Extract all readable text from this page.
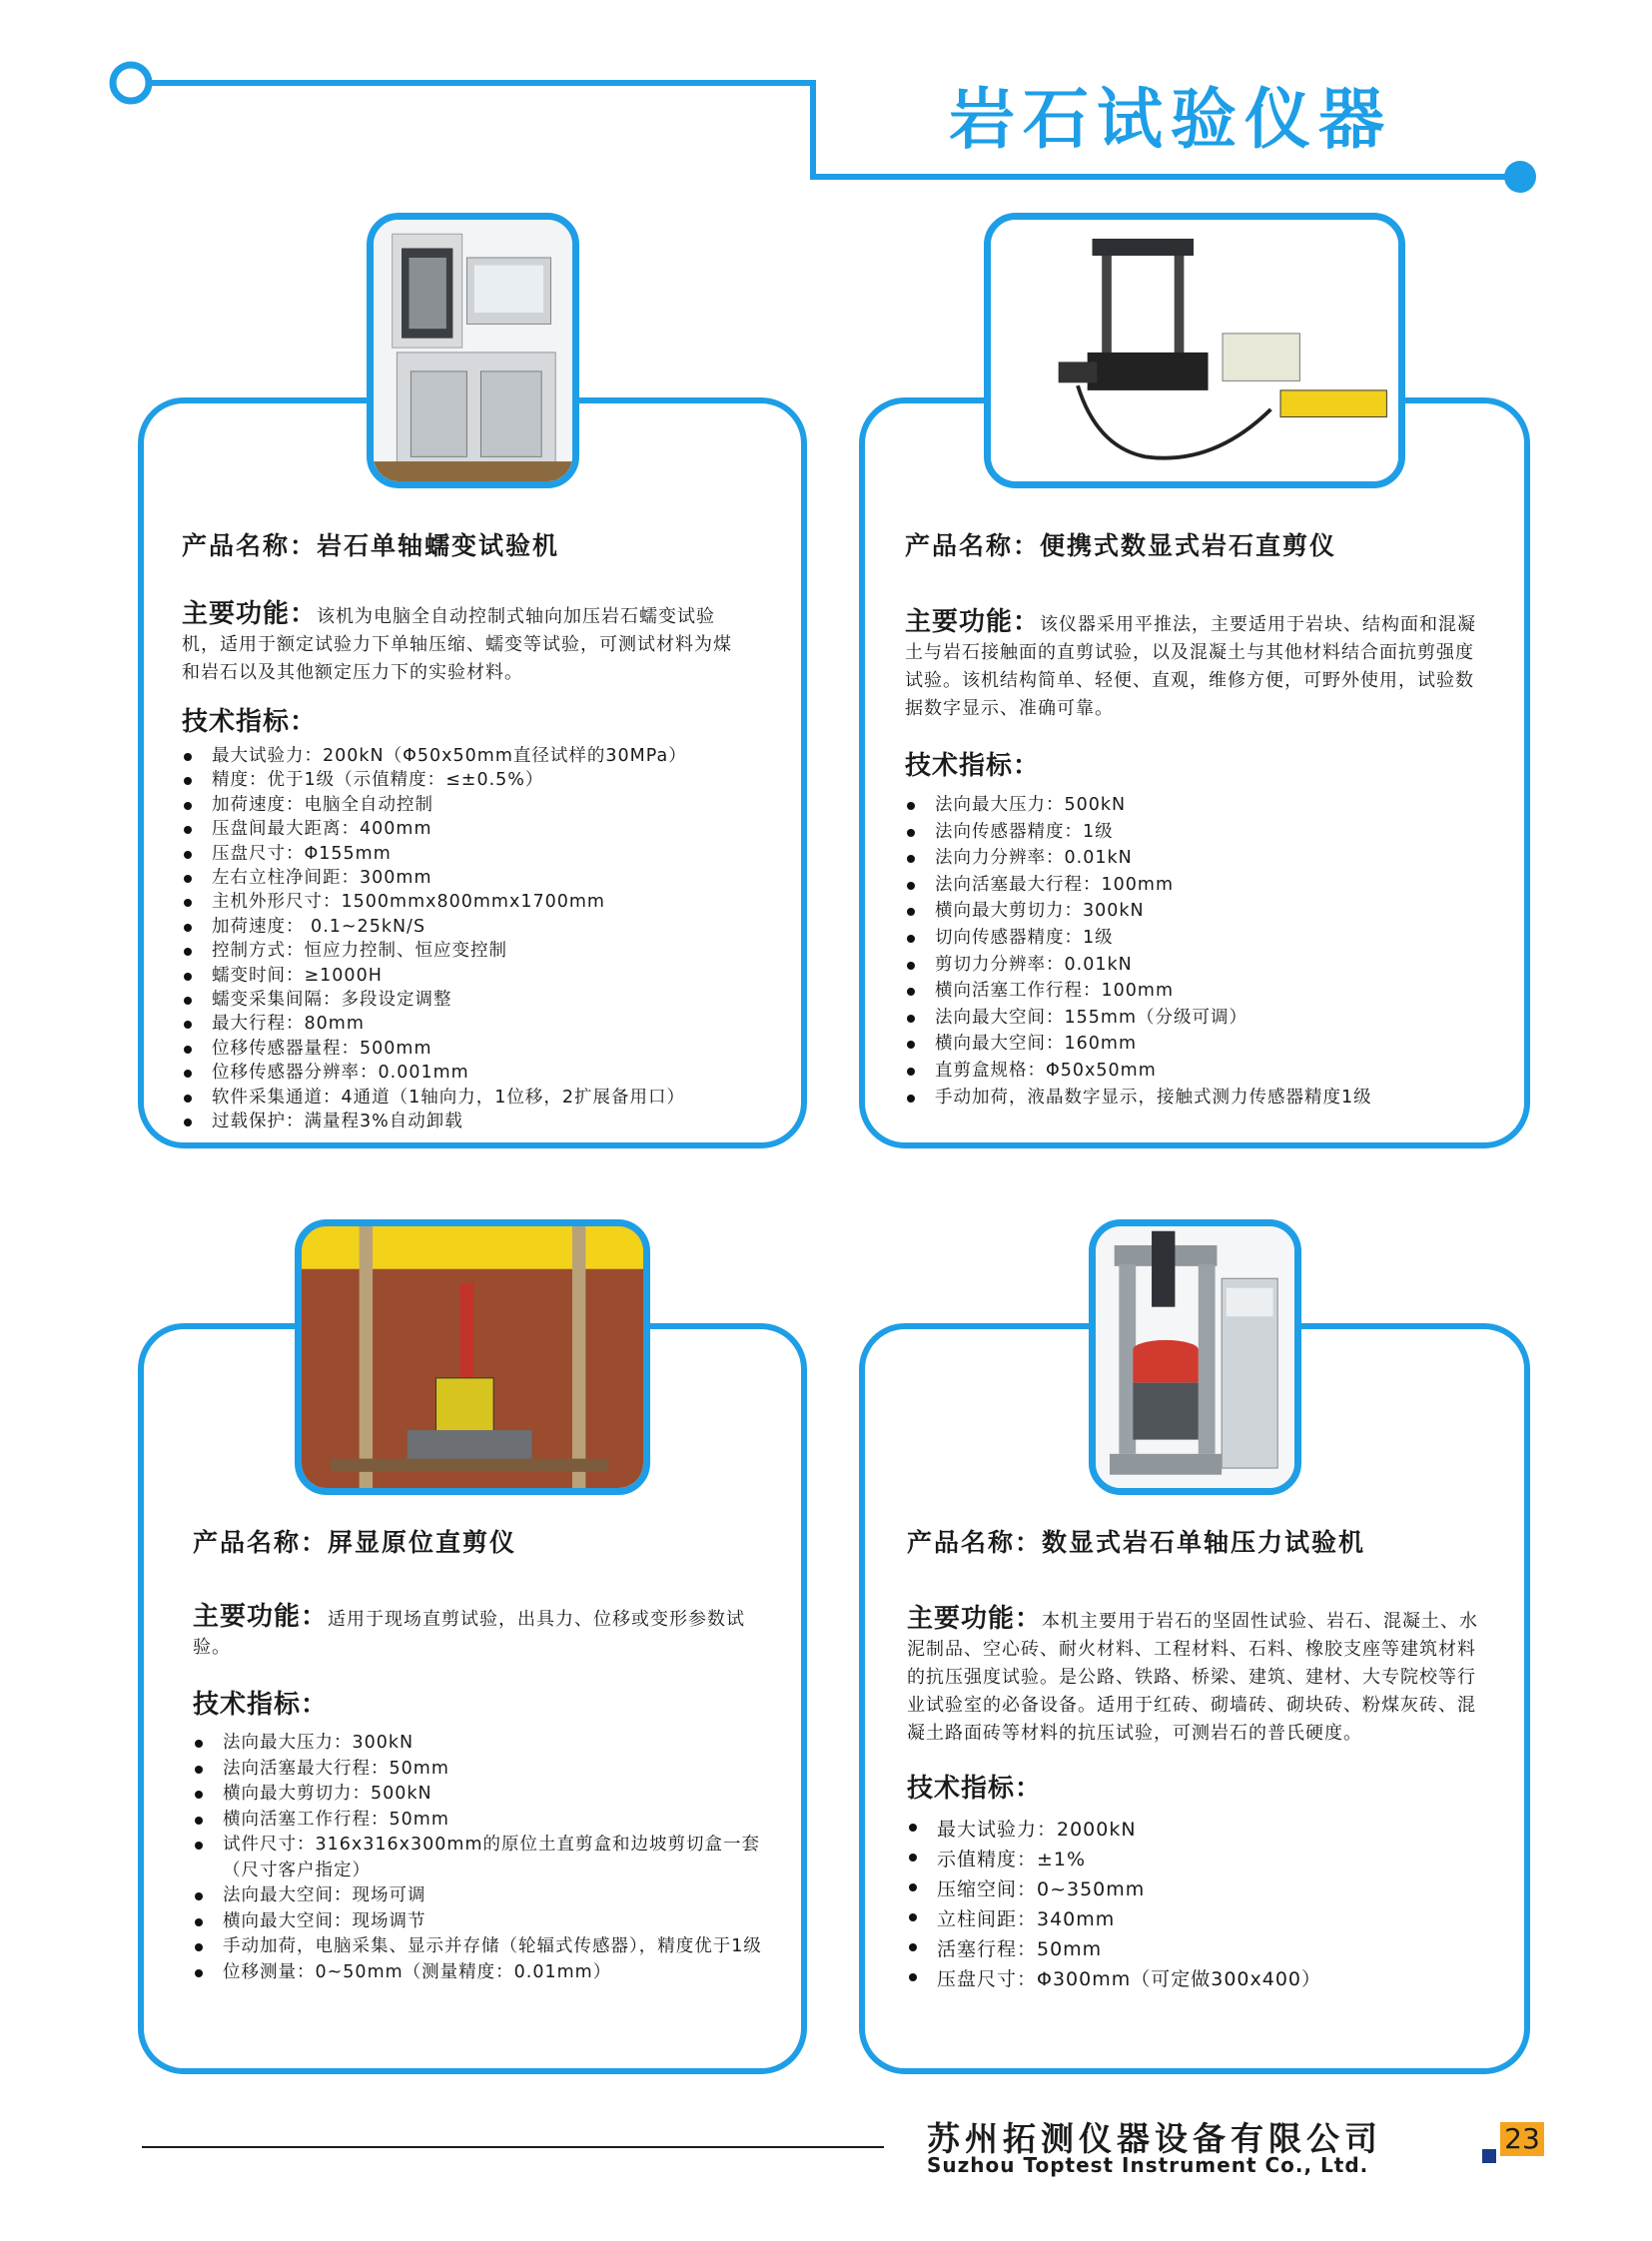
岩石试验仪器
产品名称：岩石单轴蠕变试验机
主要功能：该机为电脑全自动控制式轴向加压岩石蠕变试验机，适用于额定试验力下单轴压缩、蠕变等试验，可测试材料为煤和岩石以及其他额定压力下的实验材料。
技术指标：
最大试验力：200kN（Φ50x50mm直径试样的30MPa）
精度：优于1级（示值精度：≤±0.5%）
加荷速度：电脑全自动控制
压盘间最大距离：400mm
压盘尺寸：Φ155mm
左右立柱净间距：300mm
主机外形尺寸：1500mmx800mmx1700mm
加荷速度： 0.1~25kN/S
控制方式：恒应力控制、恒应变控制
蠕变时间：≥1000H
蠕变采集间隔：多段设定调整
最大行程：80mm
位移传感器量程：500mm
位移传感器分辨率：0.001mm
软件采集通道：4通道（1轴向力，1位移，2扩展备用口）
过载保护：满量程3%自动卸载
产品名称：便携式数显式岩石直剪仪
主要功能：该仪器采用平推法，主要适用于岩块、结构面和混凝土与岩石接触面的直剪试验，以及混凝土与其他材料结合面抗剪强度试验。该机结构简单、轻便、直观，维修方便，可野外使用，试验数据数字显示、准确可靠。
技术指标：
法向最大压力：500kN
法向传感器精度：1级
法向力分辨率：0.01kN
法向活塞最大行程：100mm
横向最大剪切力：300kN
切向传感器精度：1级
剪切力分辨率：0.01kN
横向活塞工作行程：100mm
法向最大空间：155mm（分级可调）
横向最大空间：160mm
直剪盒规格：Φ50x50mm
手动加荷，液晶数字显示，接触式测力传感器精度1级
产品名称：屏显原位直剪仪
主要功能：适用于现场直剪试验，出具力、位移或变形参数试验。
技术指标：
法向最大压力：300kN
法向活塞最大行程：50mm
横向最大剪切力：500kN
横向活塞工作行程：50mm
试件尺寸：316x316x300mm的原位土直剪盒和边坡剪切盒一套（尺寸客户指定）
法向最大空间：现场可调
横向最大空间：现场调节
手动加荷，电脑采集、显示并存储（轮辐式传感器），精度优于1级
位移测量：0~50mm（测量精度：0.01mm）
产品名称：数显式岩石单轴压力试验机
主要功能：本机主要用于岩石的坚固性试验、岩石、混凝土、水泥制品、空心砖、耐火材料、工程材料、石料、橡胶支座等建筑材料的抗压强度试验。是公路、铁路、桥梁、建筑、建材、大专院校等行业试验室的必备设备。适用于红砖、砌墙砖、砌块砖、粉煤灰砖、混凝土路面砖等材料的抗压试验，可测岩石的普氏硬度。
技术指标：
最大试验力：2000kN
示值精度：±1%
压缩空间：0~350mm
立柱间距：340mm
活塞行程：50mm
压盘尺寸：Φ300mm（可定做300x400）
苏州拓测仪器设备有限公司
Suzhou Toptest Instrument Co., Ltd.
23
